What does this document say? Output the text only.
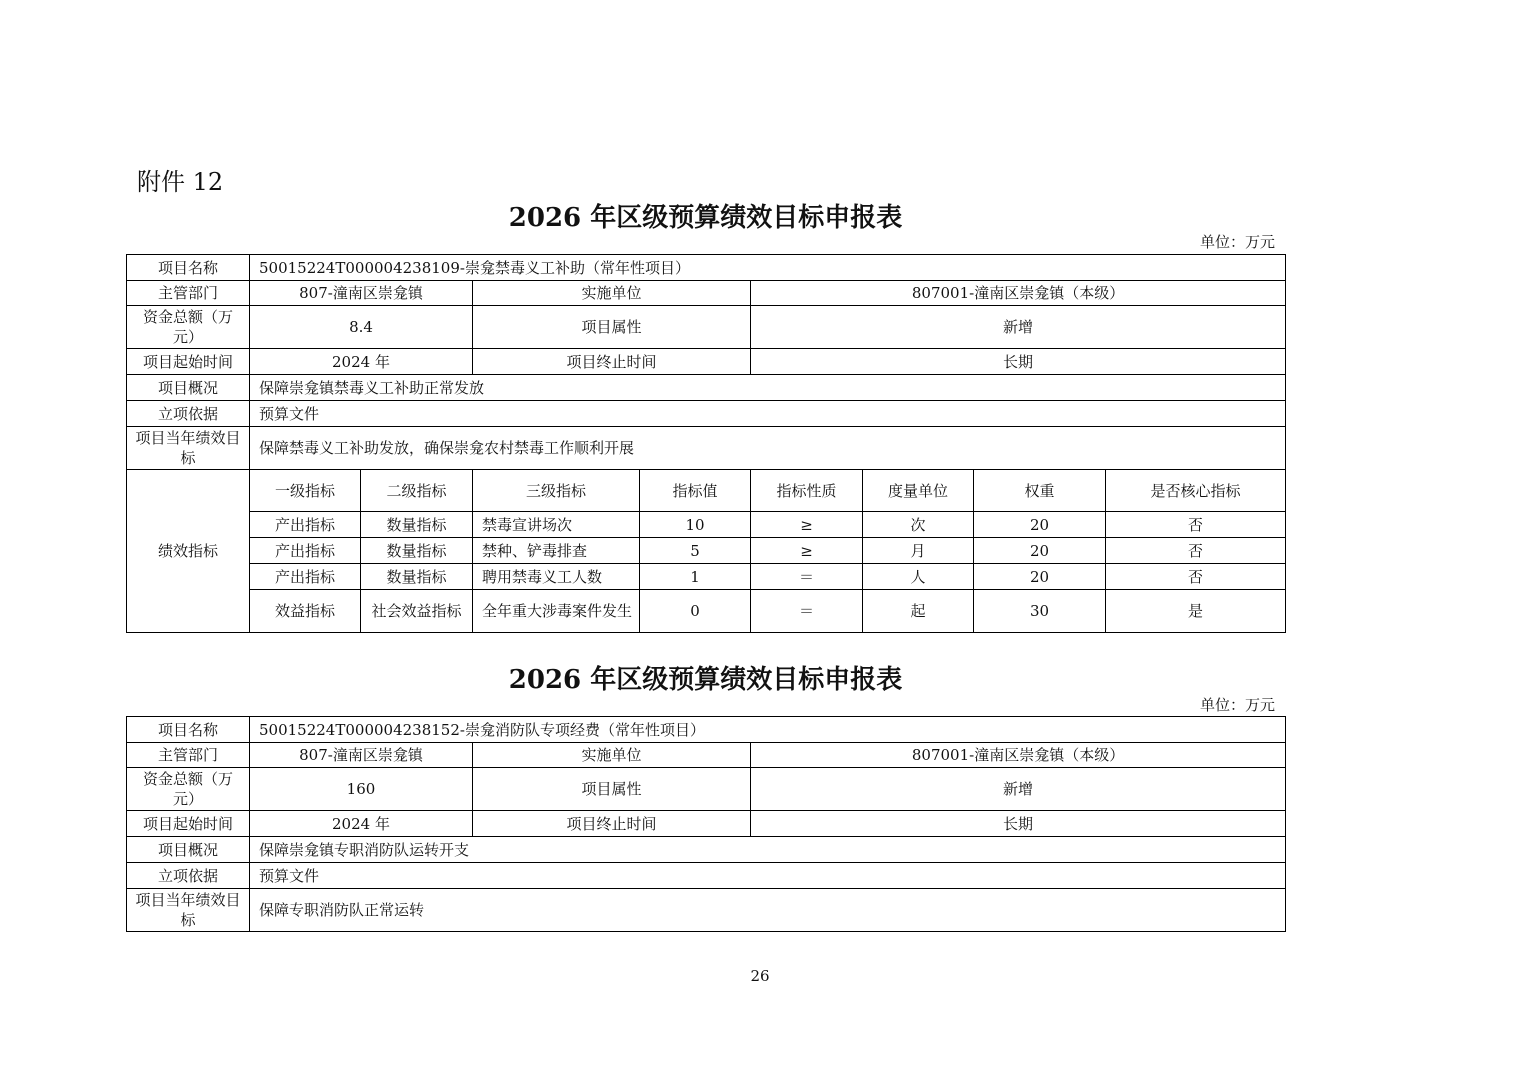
附件 12
2026 年区级预算绩效目标申报表
单位：万元
项目名称	50015224T000004238109-崇龛禁毒义工补助（常年性项目）							
主管部门	807-潼南区崇龛镇		实施单位		807001-潼南区崇龛镇（本级）			
资金总额（万元）	8.4		项目属性		新增			
项目起始时间	2024 年		项目终止时间		长期			
项目概况	保障崇龛镇禁毒义工补助正常发放							
立项依据	预算文件							
项目当年绩效目标	保障禁毒义工补助发放，确保崇龛农村禁毒工作顺利开展							
绩效指标	一级指标	二级指标	三级指标	指标值	指标性质	度量单位	权重	是否核心指标
	产出指标	数量指标	禁毒宣讲场次	10	≥	次	20	否
	产出指标	数量指标	禁种、铲毒排查	5	≥	月	20	否
	产出指标	数量指标	聘用禁毒义工人数	1	＝	人	20	否
	效益指标	社会效益指标	全年重大涉毒案件发生	0	＝	起	30	是
2026 年区级预算绩效目标申报表
单位：万元
项目名称	50015224T000004238152-崇龛消防队专项经费（常年性项目）		
主管部门	807-潼南区崇龛镇	实施单位	807001-潼南区崇龛镇（本级）
资金总额（万元）	160	项目属性	新增
项目起始时间	2024 年	项目终止时间	长期
项目概况	保障崇龛镇专职消防队运转开支		
立项依据	预算文件		
项目当年绩效目标	保障专职消防队正常运转		
26
